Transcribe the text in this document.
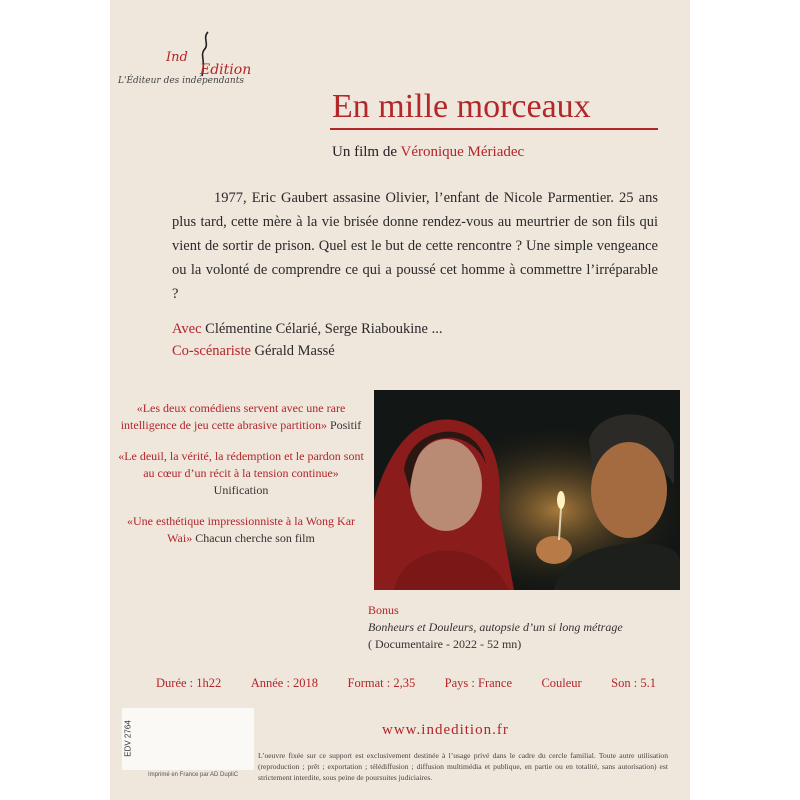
Ind
Edition
L'Éditeur des indépendants
En mille morceaux
Un film de Véronique Mériadec
1977, Eric Gaubert assasine Olivier, l’enfant de Nicole Parmentier. 25 ans plus tard, cette mère à la vie brisée donne rendez-vous au meurtrier de son fils qui vient de sortir de prison. Quel est le but de cette rencontre ? Une simple vengeance ou la volonté de comprendre ce qui a poussé cet homme à commettre l’irréparable ?
Avec Clémentine Célarié, Serge Riaboukine ...
Co-scénariste Gérald Massé
«Les deux comédiens servent avec une rare intelligence de jeu cette abrasive partition» Positif
«Le deuil, la vérité, la rédemption et le pardon sont au cœur d’un récit à la tension continue» Unification
«Une esthétique impressionniste à la Wong Kar Wai» Chacun cherche son film
Bonus
Bonheurs et Douleurs, autopsie d’un si long métrage
( Documentaire - 2022 - 52 mn)
Durée : 1h22 Année : 2018 Format : 2,35 Pays : France Couleur Son : 5.1
www.indedition.fr
EDV 2764
Imprimé en France par AD DupliC
L’oeuvre fixée sur ce support est exclusivement destinée à l’usage privé dans le cadre du cercle familial. Toute autre utilisation (reproduction ; prêt ; exportation ; télédiffusion ; diffusion multimédia et publique, en partie ou en totalité, sans autorisation) est strictement interdite, sous peine de poursuites judiciaires.
